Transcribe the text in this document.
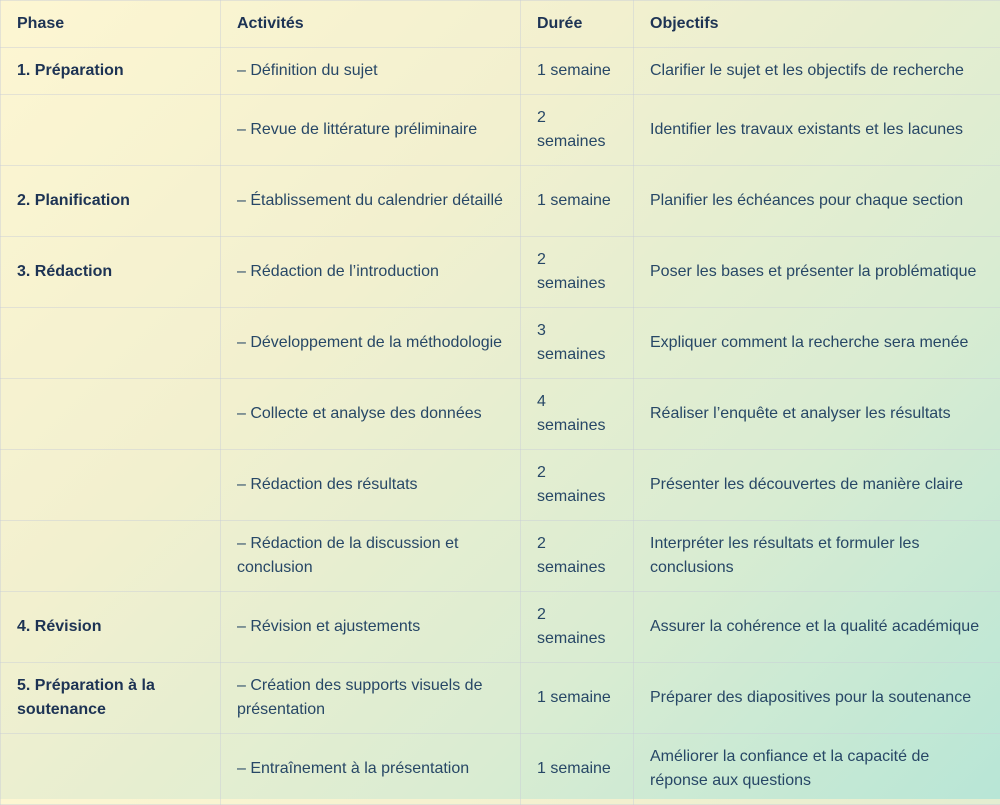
Phase	Activités	Durée	Objectifs
1. Préparation	– Définition du sujet	1 semaine	Clarifier le sujet et les objectifs de recherche
	– Revue de littérature préliminaire	2 semaines	Identifier les travaux existants et les lacunes
2. Planification	– Établissement du calendrier détaillé	1 semaine	Planifier les échéances pour chaque section
3. Rédaction	– Rédaction de l’introduction	2 semaines	Poser les bases et présenter la problématique
	– Développement de la méthodologie	3 semaines	Expliquer comment la recherche sera menée
	– Collecte et analyse des données	4 semaines	Réaliser l’enquête et analyser les résultats
	– Rédaction des résultats	2 semaines	Présenter les découvertes de manière claire
	– Rédaction de la discussion et conclusion	2 semaines	Interpréter les résultats et formuler les conclusions
4. Révision	– Révision et ajustements	2 semaines	Assurer la cohérence et la qualité académique
5. Préparation à la soutenance	– Création des supports visuels de présentation	1 semaine	Préparer des diapositives pour la soutenance
	– Entraînement à la présentation	1 semaine	Améliorer la confiance et la capacité de réponse aux questions
